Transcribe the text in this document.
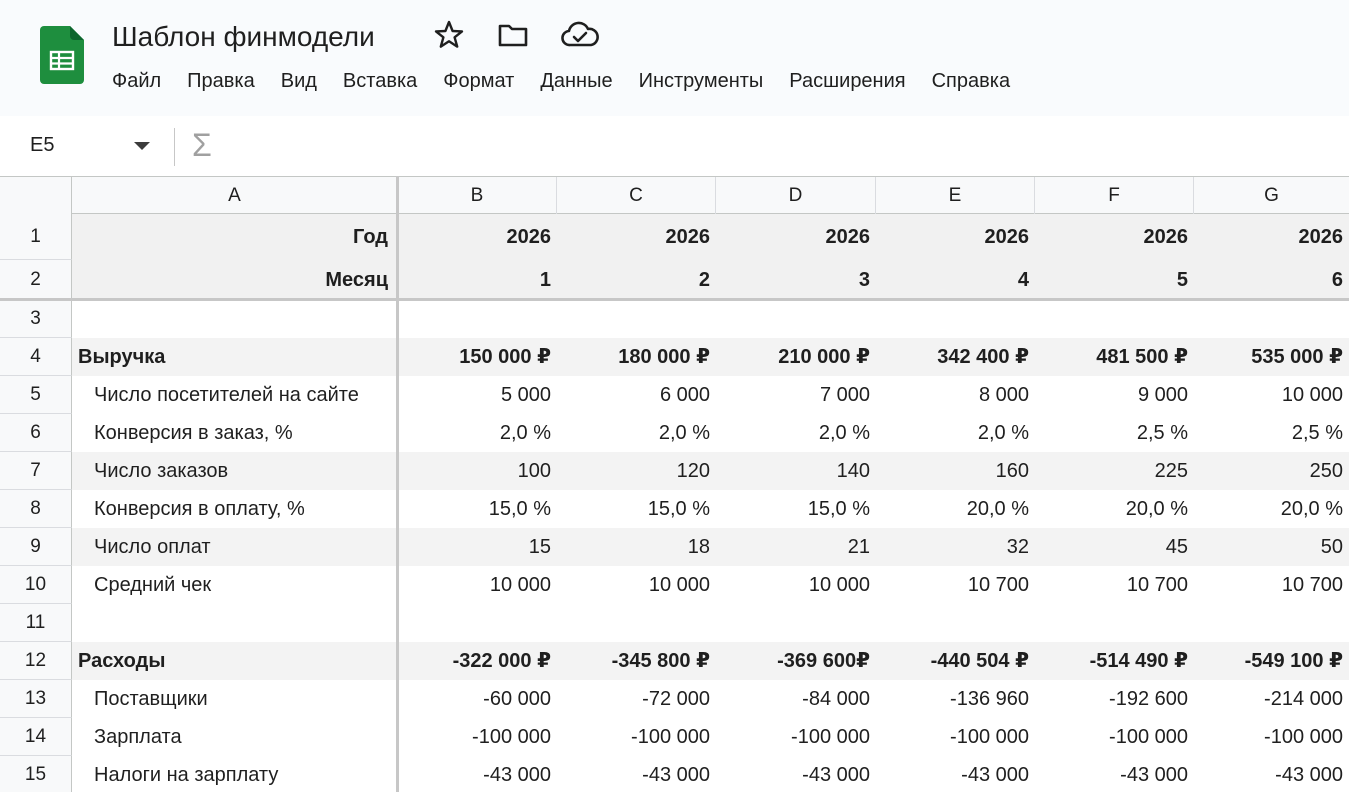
Шаблон финмодели
Файл	Правка	Вид	Вставка	Формат	Данные	Инструменты	Расширения	Справка
E5	Σ
A	B	C	D	E	F	G
1	Год	2026	2026	2026	2026	2026	2026
2	Месяц	1	2	3	4	5	6
3
4	Выручка	150 000 ₽	180 000 ₽	210 000 ₽	342 400 ₽	481 500 ₽	535 000 ₽
5	Число посетителей на сайте	5 000	6 000	7 000	8 000	9 000	10 000
6	Конверсия в заказ, %	2,0 %	2,0 %	2,0 %	2,0 %	2,5 %	2,5 %
7	Число заказов	100	120	140	160	225	250
8	Конверсия в оплату, %	15,0 %	15,0 %	15,0 %	20,0 %	20,0 %	20,0 %
9	Число оплат	15	18	21	32	45	50
10	Средний чек	10 000	10 000	10 000	10 700	10 700	10 700
11
12	Расходы	-322 000 ₽	-345 800 ₽	-369 600₽	-440 504 ₽	-514 490 ₽	-549 100 ₽
13	Поставщики	-60 000	-72 000	-84 000	-136 960	-192 600	-214 000
14	Зарплата	-100 000	-100 000	-100 000	-100 000	-100 000	-100 000
15	Налоги на зарплату	-43 000	-43 000	-43 000	-43 000	-43 000	-43 000
